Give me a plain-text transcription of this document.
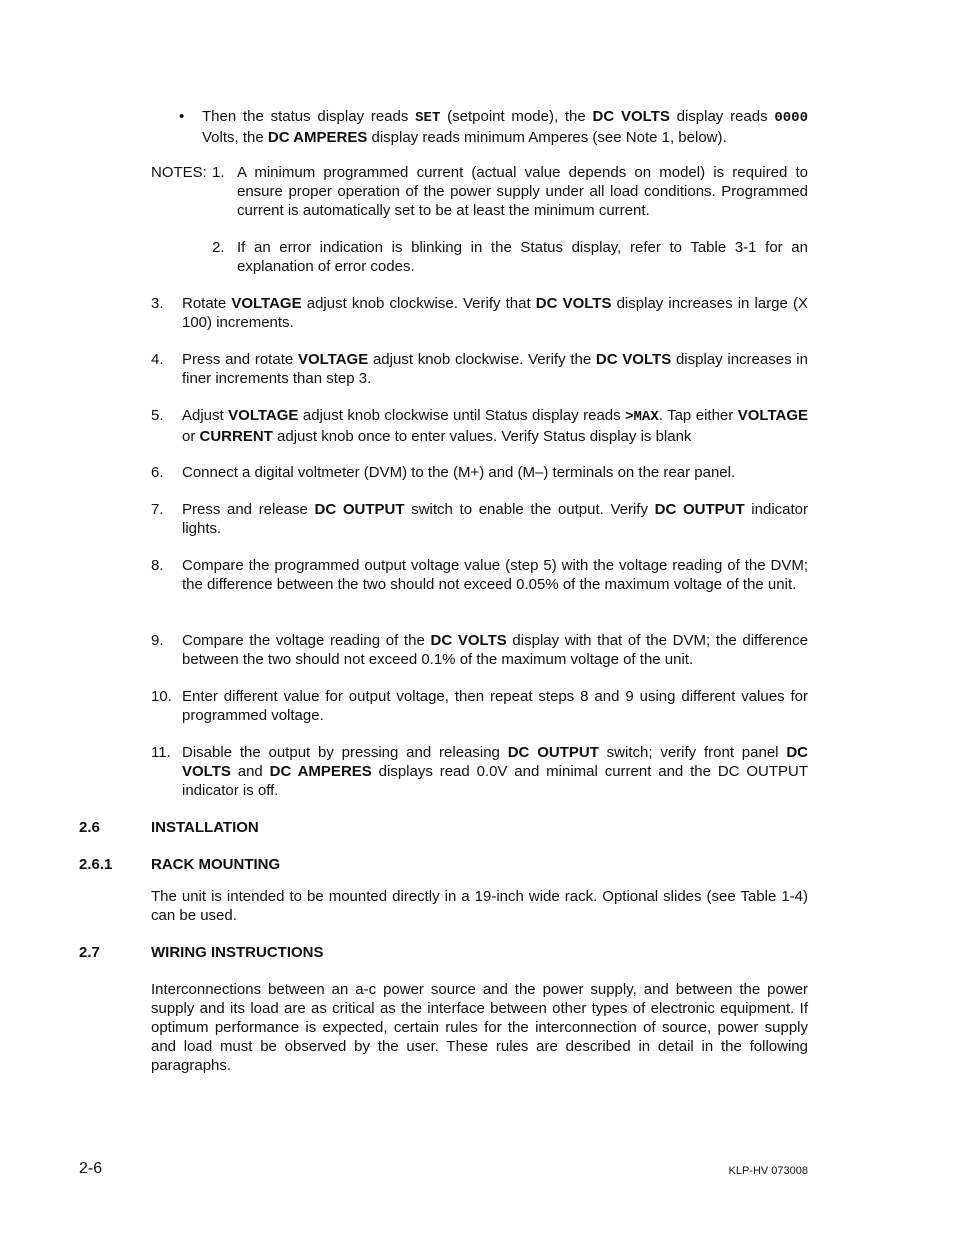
• Then the status display reads SET (setpoint mode), the DC VOLTS display reads 0000 Volts, the DC AMPERES display reads minimum Amperes (see Note 1, below).
NOTES: 1. A minimum programmed current (actual value depends on model) is required to ensure proper operation of the power supply under all load conditions. Programmed current is automatically set to be at least the minimum current.
2. If an error indication is blinking in the Status display, refer to Table 3-1 for an explanation of error codes.
3. Rotate VOLTAGE adjust knob clockwise. Verify that DC VOLTS display increases in large (X 100) increments.
4. Press and rotate VOLTAGE adjust knob clockwise. Verify the DC VOLTS display increases in finer increments than step 3.
5. Adjust VOLTAGE adjust knob clockwise until Status display reads >MAX. Tap either VOLTAGE or CURRENT adjust knob once to enter values. Verify Status display is blank
6. Connect a digital voltmeter (DVM) to the (M+) and (M–) terminals on the rear panel.
7. Press and release DC OUTPUT switch to enable the output. Verify DC OUTPUT indicator lights.
8. Compare the programmed output voltage value (step 5) with the voltage reading of the DVM; the difference between the two should not exceed 0.05% of the maximum voltage of the unit.
9. Compare the voltage reading of the DC VOLTS display with that of the DVM; the difference between the two should not exceed 0.1% of the maximum voltage of the unit.
10. Enter different value for output voltage, then repeat steps 8 and 9 using different values for programmed voltage.
11. Disable the output by pressing and releasing DC OUTPUT switch; verify front panel DC VOLTS and DC AMPERES displays read 0.0V and minimal current and the DC OUTPUT indicator is off.
2.6	INSTALLATION
2.6.1	RACK MOUNTING
The unit is intended to be mounted directly in a 19-inch wide rack. Optional slides (see Table 1-4) can be used.
2.7	WIRING INSTRUCTIONS
Interconnections between an a-c power source and the power supply, and between the power supply and its load are as critical as the interface between other types of electronic equipment. If optimum performance is expected, certain rules for the interconnection of source, power supply and load must be observed by the user. These rules are described in detail in the following paragraphs.
2-6	KLP-HV 073008
